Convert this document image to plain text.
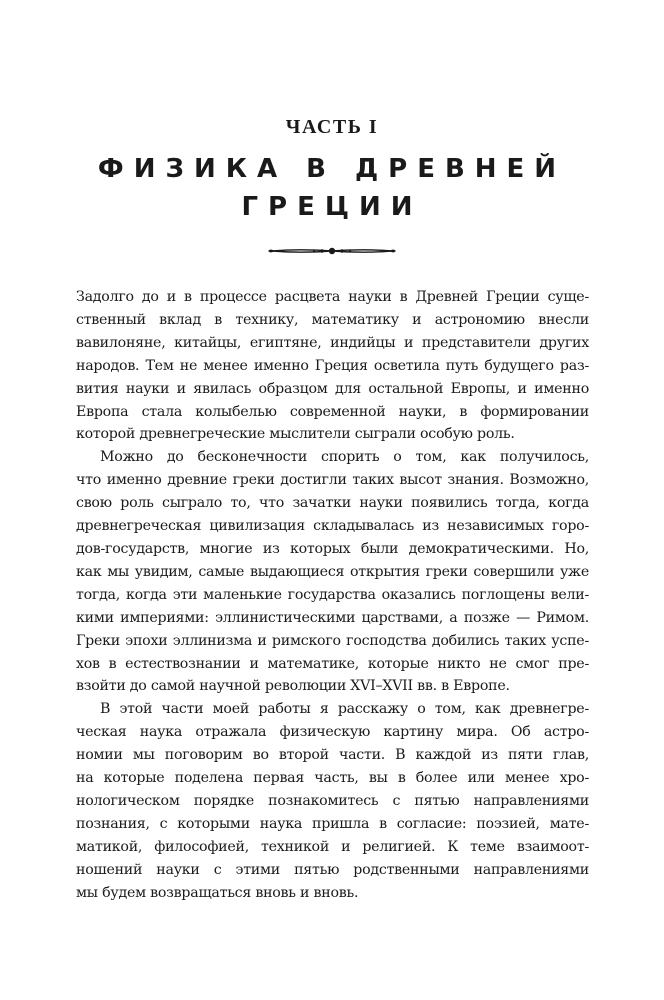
ЧАСТЬ I
ФИЗИКА В ДРЕВНЕЙ
ГРЕЦИИ
Задолго до и в процессе расцвета науки в Древней Греции суще-
ственный вклад в технику, математику и астрономию внесли
вавилоняне, китайцы, египтяне, индийцы и представители других
народов. Тем не менее именно Греция осветила путь будущего раз-
вития науки и явилась образцом для остальной Европы, и именно
Европа стала колыбелью современной науки, в формировании
которой древнегреческие мыслители сыграли особую роль.
Можно до бесконечности спорить о том, как получилось,
что именно древние греки достигли таких высот знания. Возможно,
свою роль сыграло то, что зачатки науки появились тогда, когда
древнегреческая цивилизация складывалась из независимых горо-
дов-государств, многие из которых были демократическими. Но,
как мы увидим, самые выдающиеся открытия греки совершили уже
тогда, когда эти маленькие государства оказались поглощены вели-
кими империями: эллинистическими царствами, а позже — Римом.
Греки эпохи эллинизма и римского господства добились таких успе-
хов в естествознании и математике, которые никто не смог пре-
взойти до самой научной революции XVI–XVII вв. в Европе.
В этой части моей работы я расскажу о том, как древнегре-
ческая наука отражала физическую картину мира. Об астро-
номии мы поговорим во второй части. В каждой из пяти глав,
на которые поделена первая часть, вы в более или менее хро-
нологическом порядке познакомитесь с пятью направлениями
познания, с которыми наука пришла в согласие: поэзией, мате-
матикой, философией, техникой и религией. К теме взаимоот-
ношений науки с этими пятью родственными направлениями
мы будем возвращаться вновь и вновь.
